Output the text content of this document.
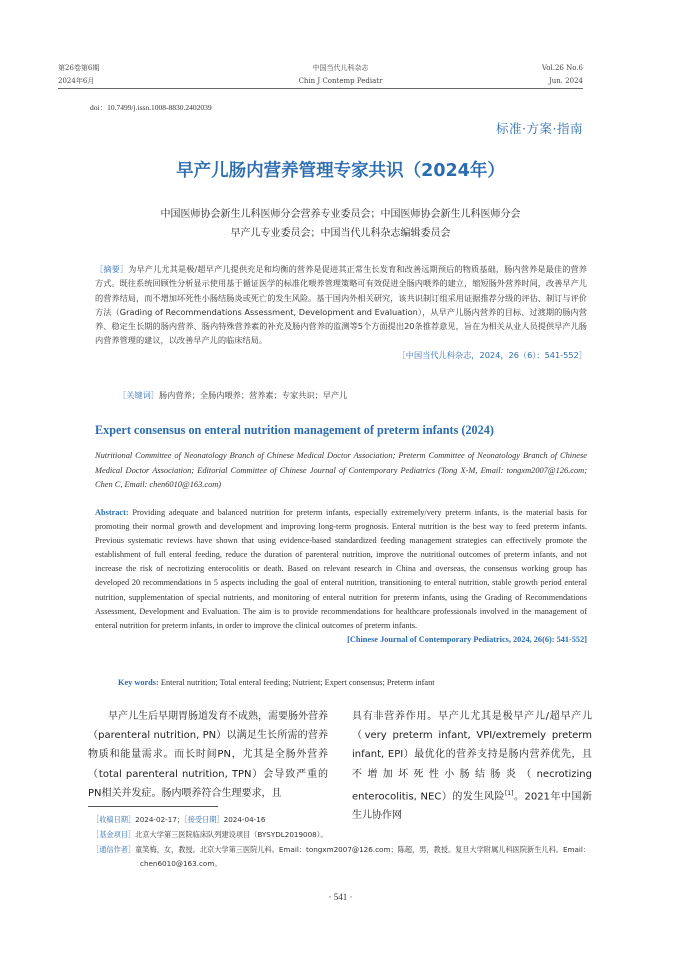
第26卷第6期
2024年6月
中国当代儿科杂志
Chin J Contemp Pediatr
Vol.26 No.6
Jun. 2024
doi：10.7499/j.issn.1008-8830.2402039
标准·方案·指南
早产儿肠内营养管理专家共识（2024年）
中国医师协会新生儿科医师分会营养专业委员会；中国医师协会新生儿科医师分会
早产儿专业委员会；中国当代儿科杂志编辑委员会
［摘要］为早产儿尤其是极/超早产儿提供充足和均衡的营养是促进其正常生长发育和改善远期预后的物质基础，肠内营养是最佳的营养方式。既往系统回顾性分析显示使用基于循证医学的标准化喂养管理策略可有效促进全肠内喂养的建立，缩短肠外营养时间，改善早产儿的营养结局，而不增加坏死性小肠结肠炎或死亡的发生风险。基于国内外相关研究，该共识制订组采用证据推荐分级的评估、制订与评价方法（Grading of Recommendations Assessment, Development and Evaluation），从早产儿肠内营养的目标、过渡期的肠内营养、稳定生长期的肠内营养、肠内特殊营养素的补充及肠内营养的监测等5个方面提出20条推荐意见，旨在为相关从业人员提供早产儿肠内营养管理的建议，以改善早产儿的临床结局。
［中国当代儿科杂志，2024，26（6）：541-552］
［关键词］肠内营养；全肠内喂养；营养素；专家共识；早产儿
Expert consensus on enteral nutrition management of preterm infants (2024)
Nutritional Committee of Neonatology Branch of Chinese Medical Doctor Association; Preterm Committee of Neonatology Branch of Chinese Medical Doctor Association; Editorial Committee of Chinese Journal of Contemporary Pediatrics (Tong X-M, Email: tongxm2007@126.com; Chen C, Email: chen6010@163.com)
Abstract: Providing adequate and balanced nutrition for preterm infants, especially extremely/very preterm infants, is the material basis for promoting their normal growth and development and improving long-term prognosis. Enteral nutrition is the best way to feed preterm infants. Previous systematic reviews have shown that using evidence-based standardized feeding management strategies can effectively promote the establishment of full enteral feeding, reduce the duration of parenteral nutrition, improve the nutritional outcomes of preterm infants, and not increase the risk of necrotizing enterocolitis or death. Based on relevant research in China and overseas, the consensus working group has developed 20 recommendations in 5 aspects including the goal of enteral nutrition, transitioning to enteral nutrition, stable growth period enteral nutrition, supplementation of special nutrients, and monitoring of enteral nutrition for preterm infants, using the Grading of Recommendations Assessment, Development and Evaluation. The aim is to provide recommendations for healthcare professionals involved in the management of enteral nutrition for preterm infants, in order to improve the clinical outcomes of preterm infants.
[Chinese Journal of Contemporary Pediatrics, 2024, 26(6): 541-552]
Key words: Enteral nutrition; Total enteral feeding; Nutrient; Expert consensus; Preterm infant
早产儿生后早期胃肠道发育不成熟，需要肠外营养（parenteral nutrition, PN）以满足生长所需的营养物质和能量需求。而长时间PN，尤其是全肠外营养（total parenteral nutrition, TPN）会导致严重的PN相关并发症。肠内喂养符合生理要求，且
具有非营养作用。早产儿尤其是极早产儿/超早产儿（very preterm infant, VPI/extremely preterm infant, EPI）最优化的营养支持是肠内营养优先，且不增加坏死性小肠结肠炎（necrotizing enterocolitis, NEC）的发生风险[1]。2021年中国新生儿协作网
［收稿日期］2024-02-17；［接受日期］2024-04-16
［基金项目］北京大学第三医院临床队列建设项目（BYSYDL2019008）。
［通信作者］童笑梅，女，教授。北京大学第三医院儿科。Email：tongxm2007@126.com；陈超，男，教授。复旦大学附属儿科医院新生儿科。Email：chen6010@163.com。
· 541 ·
